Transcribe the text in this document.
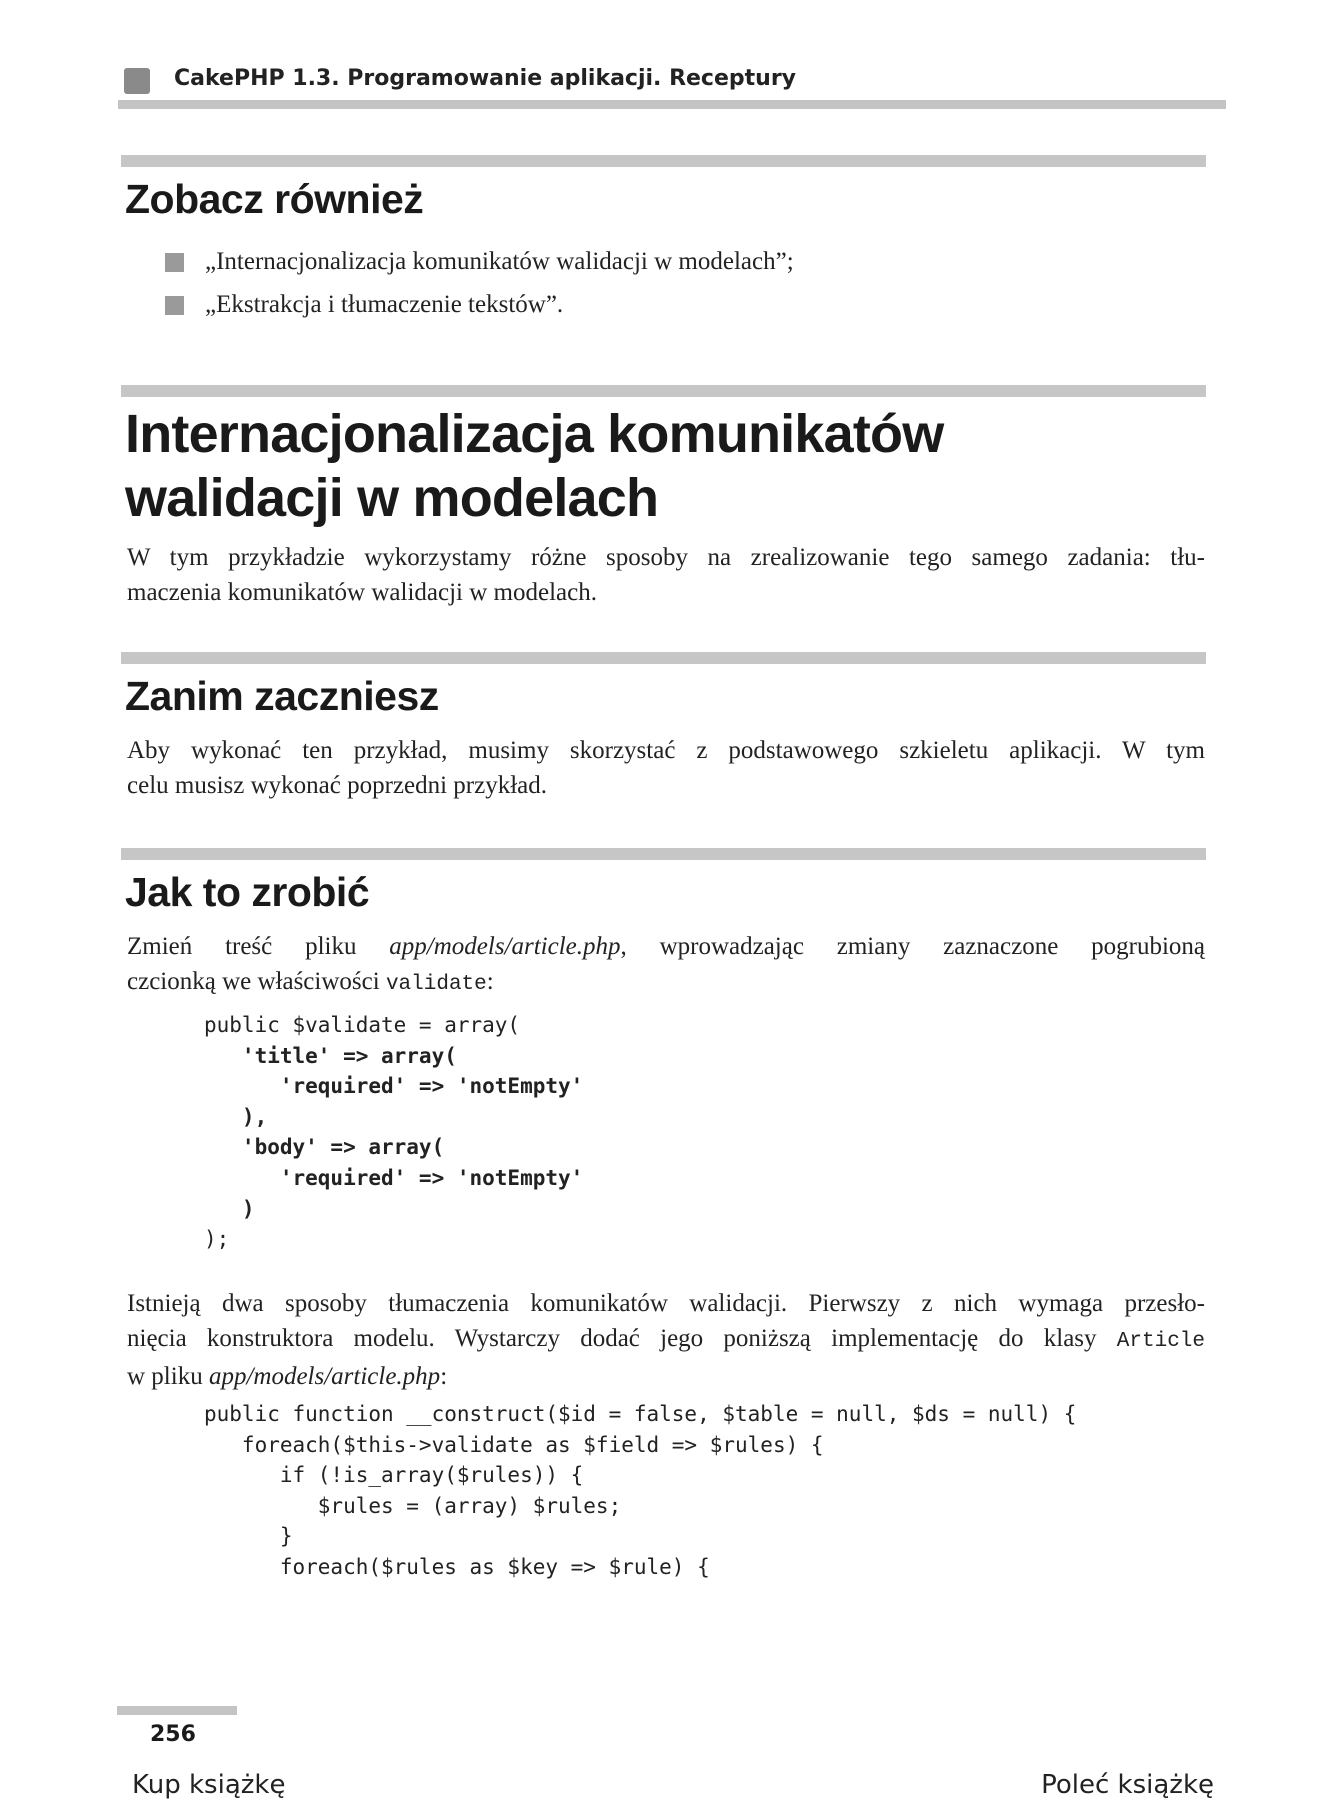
CakePHP 1.3. Programowanie aplikacji. Receptury
Zobacz również
„Internacjonalizacja komunikatów walidacji w modelach”;
„Ekstrakcja i tłumaczenie tekstów”.
Internacjonalizacja komunikatów
walidacji w modelach
W tym przykładzie wykorzystamy różne sposoby na zrealizowanie tego samego zadania: tłu-
maczenia komunikatów walidacji w modelach.
Zanim zaczniesz
Aby wykonać ten przykład, musimy skorzystać z podstawowego szkieletu aplikacji. W tym
celu musisz wykonać poprzedni przykład.
Jak to zrobić
Zmień treść pliku app/models/article.php, wprowadzając zmiany zaznaczone pogrubioną
czcionką we właściwości validate:
public $validate = array(
'title' => array(
'required' => 'notEmpty'
),
'body' => array(
'required' => 'notEmpty'
)
);
Istnieją dwa sposoby tłumaczenia komunikatów walidacji. Pierwszy z nich wymaga przesło-
nięcia konstruktora modelu. Wystarczy dodać jego poniższą implementację do klasy Article
w pliku app/models/article.php:
public function __construct($id = false, $table = null, $ds = null) {
foreach($this->validate as $field => $rules) {
if (!is_array($rules)) {
$rules = (array) $rules;
}
foreach($rules as $key => $rule) {
256
Kup książkę	Poleć książkę
